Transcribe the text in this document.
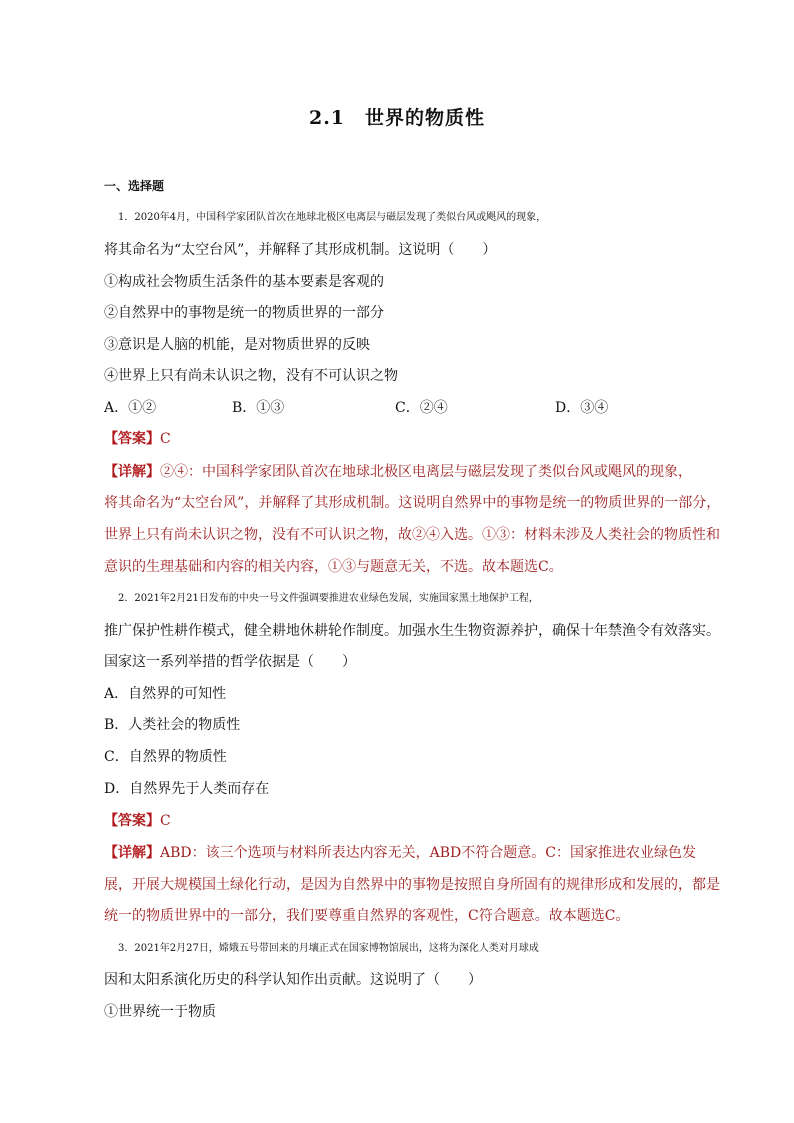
2.1　世界的物质性
一、选择题
1．2020年4月，中国科学家团队首次在地球北极区电离层与磁层发现了类似台风或飓风的现象，
将其命名为“太空台风”，并解释了其形成机制。这说明（　　）
①构成社会物质生活条件的基本要素是客观的
②自然界中的事物是统一的物质世界的一部分
③意识是人脑的机能，是对物质世界的反映
④世界上只有尚未认识之物，没有不可认识之物
A．①②	B．①③	C．②④	D．③④
【答案】C
【详解】②④：中国科学家团队首次在地球北极区电离层与磁层发现了类似台风或飓风的现象，
将其命名为“太空台风”，并解释了其形成机制。这说明自然界中的事物是统一的物质世界的一部分，
世界上只有尚未认识之物，没有不可认识之物，故②④入选。①③：材料未涉及人类社会的物质性和
意识的生理基础和内容的相关内容，①③与题意无关，不选。故本题选C。
2．2021年2月21日发布的中央一号文件强调要推进农业绿色发展，实施国家黑土地保护工程，
推广保护性耕作模式，健全耕地休耕轮作制度。加强水生生物资源养护，确保十年禁渔令有效落实。
国家这一系列举措的哲学依据是（　　）
A．自然界的可知性
B．人类社会的物质性
C．自然界的物质性
D．自然界先于人类而存在
【答案】C
【详解】ABD：该三个选项与材料所表达内容无关，ABD不符合题意。C：国家推进农业绿色发
展，开展大规模国土绿化行动，是因为自然界中的事物是按照自身所固有的规律形成和发展的，都是
统一的物质世界中的一部分，我们要尊重自然界的客观性，C符合题意。故本题选C。
3．2021年2月27日，嫦娥五号带回来的月壤正式在国家博物馆展出，这将为深化人类对月球成
因和太阳系演化历史的科学认知作出贡献。这说明了（　　）
①世界统一于物质
